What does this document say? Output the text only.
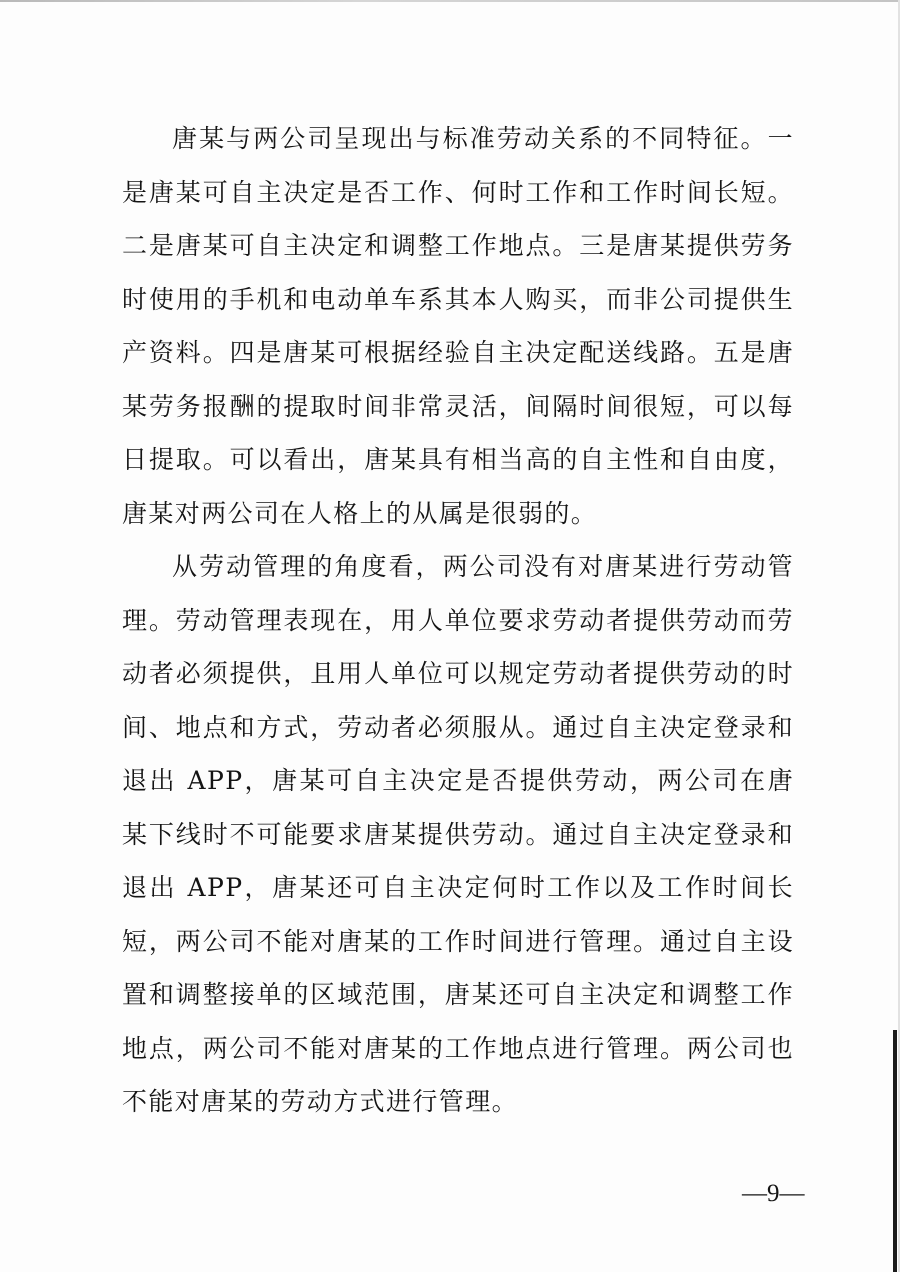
唐某与两公司呈现出与标准劳动关系的不同特征。一是唐某可自主决定是否工作、何时工作和工作时间长短。二是唐某可自主决定和调整工作地点。三是唐某提供劳务时使用的手机和电动单车系其本人购买，而非公司提供生产资料。四是唐某可根据经验自主决定配送线路。五是唐某劳务报酬的提取时间非常灵活，间隔时间很短，可以每日提取。可以看出，唐某具有相当高的自主性和自由度，唐某对两公司在人格上的从属是很弱的。

从劳动管理的角度看，两公司没有对唐某进行劳动管理。劳动管理表现在，用人单位要求劳动者提供劳动而劳动者必须提供，且用人单位可以规定劳动者提供劳动的时间、地点和方式，劳动者必须服从。通过自主决定登录和退出 APP，唐某可自主决定是否提供劳动，两公司在唐某下线时不可能要求唐某提供劳动。通过自主决定登录和退出 APP，唐某还可自主决定何时工作以及工作时间长短，两公司不能对唐某的工作时间进行管理。通过自主设置和调整接单的区域范围，唐某还可自主决定和调整工作地点，两公司不能对唐某的工作地点进行管理。两公司也不能对唐某的劳动方式进行管理。

—9—
